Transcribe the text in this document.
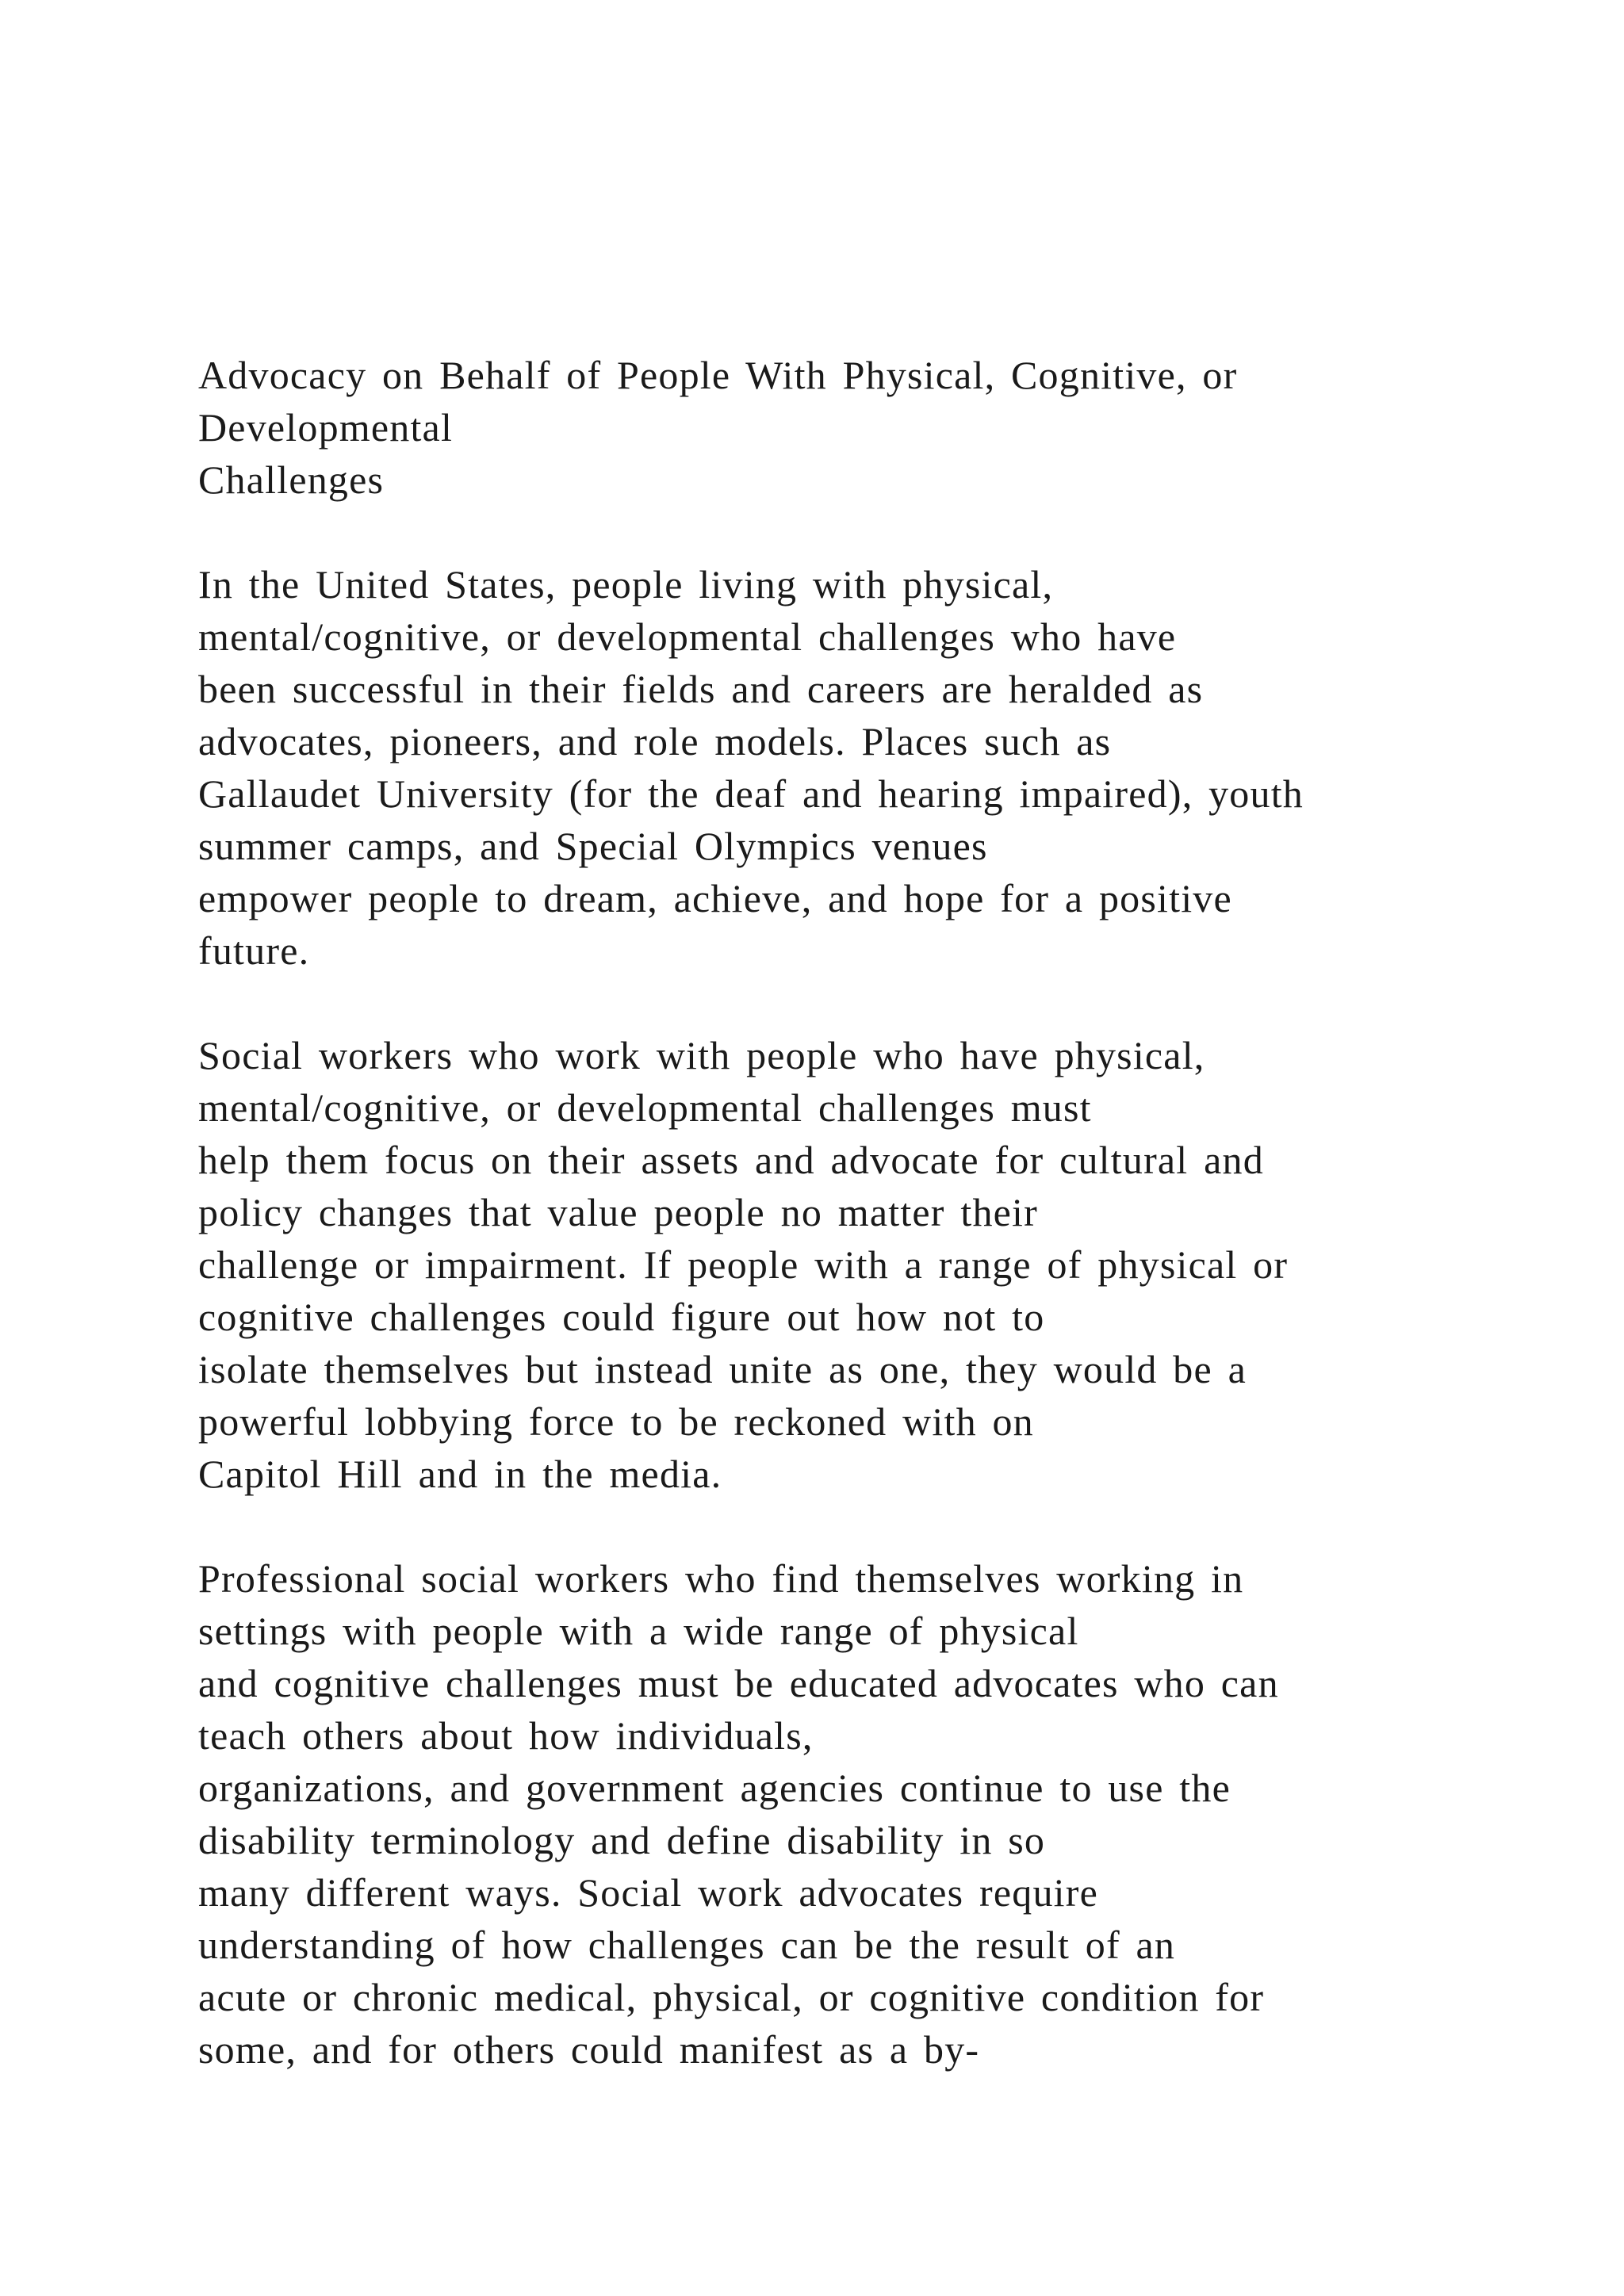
Advocacy on Behalf of People With Physical, Cognitive, or
Developmental
Challenges
In the United States, people living with physical,
mental/cognitive, or developmental challenges who have
been successful in their fields and careers are heralded as
advocates, pioneers, and role models. Places such as
Gallaudet University (for the deaf and hearing impaired), youth
summer camps, and Special Olympics venues
empower people to dream, achieve, and hope for a positive
future.
Social workers who work with people who have physical,
mental/cognitive, or developmental challenges must
help them focus on their assets and advocate for cultural and
policy changes that value people no matter their
challenge or impairment. If people with a range of physical or
cognitive challenges could figure out how not to
isolate themselves but instead unite as one, they would be a
powerful lobbying force to be reckoned with on
Capitol Hill and in the media.
Professional social workers who find themselves working in
settings with people with a wide range of physical
and cognitive challenges must be educated advocates who can
teach others about how individuals,
organizations, and government agencies continue to use the
disability terminology and define disability in so
many different ways. Social work advocates require
understanding of how challenges can be the result of an
acute or chronic medical, physical, or cognitive condition for
some, and for others could manifest as a by-
